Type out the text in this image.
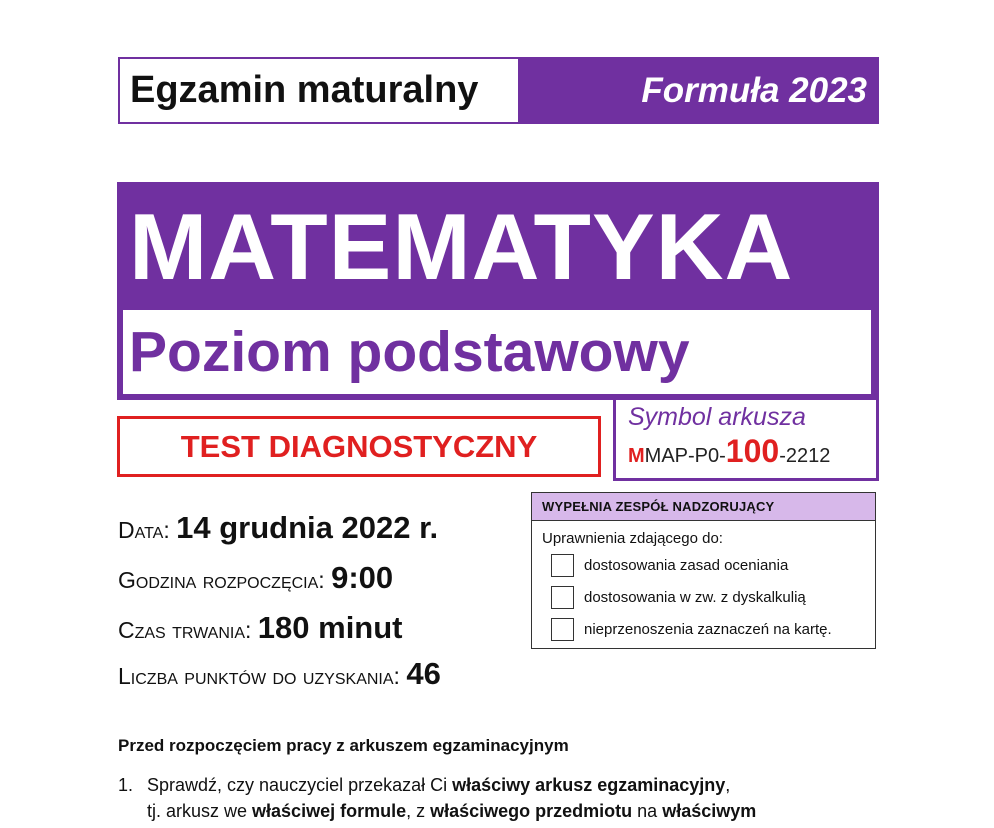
Egzamin maturalny	Formuła 2023
MATEMATYKA
Poziom podstawowy
TEST DIAGNOSTYCZNY
Symbol arkusza
MMAP-P0-100-2212
Data: 14 grudnia 2022 r.
Godzina rozpoczęcia: 9:00
Czas trwania: 180 minut
Liczba punktów do uzyskania: 46
WYPEŁNIA ZESPÓŁ NADZORUJĄCY
Uprawnienia zdającego do:
dostosowania zasad oceniania
dostosowania w zw. z dyskalkulią
nieprzenoszenia zaznaczeń na kartę.
Przed rozpoczęciem pracy z arkuszem egzaminacyjnym
1. Sprawdź, czy nauczyciel przekazał Ci właściwy arkusz egzaminacyjny,
tj. arkusz we właściwej formule, z właściwego przedmiotu na właściwym
